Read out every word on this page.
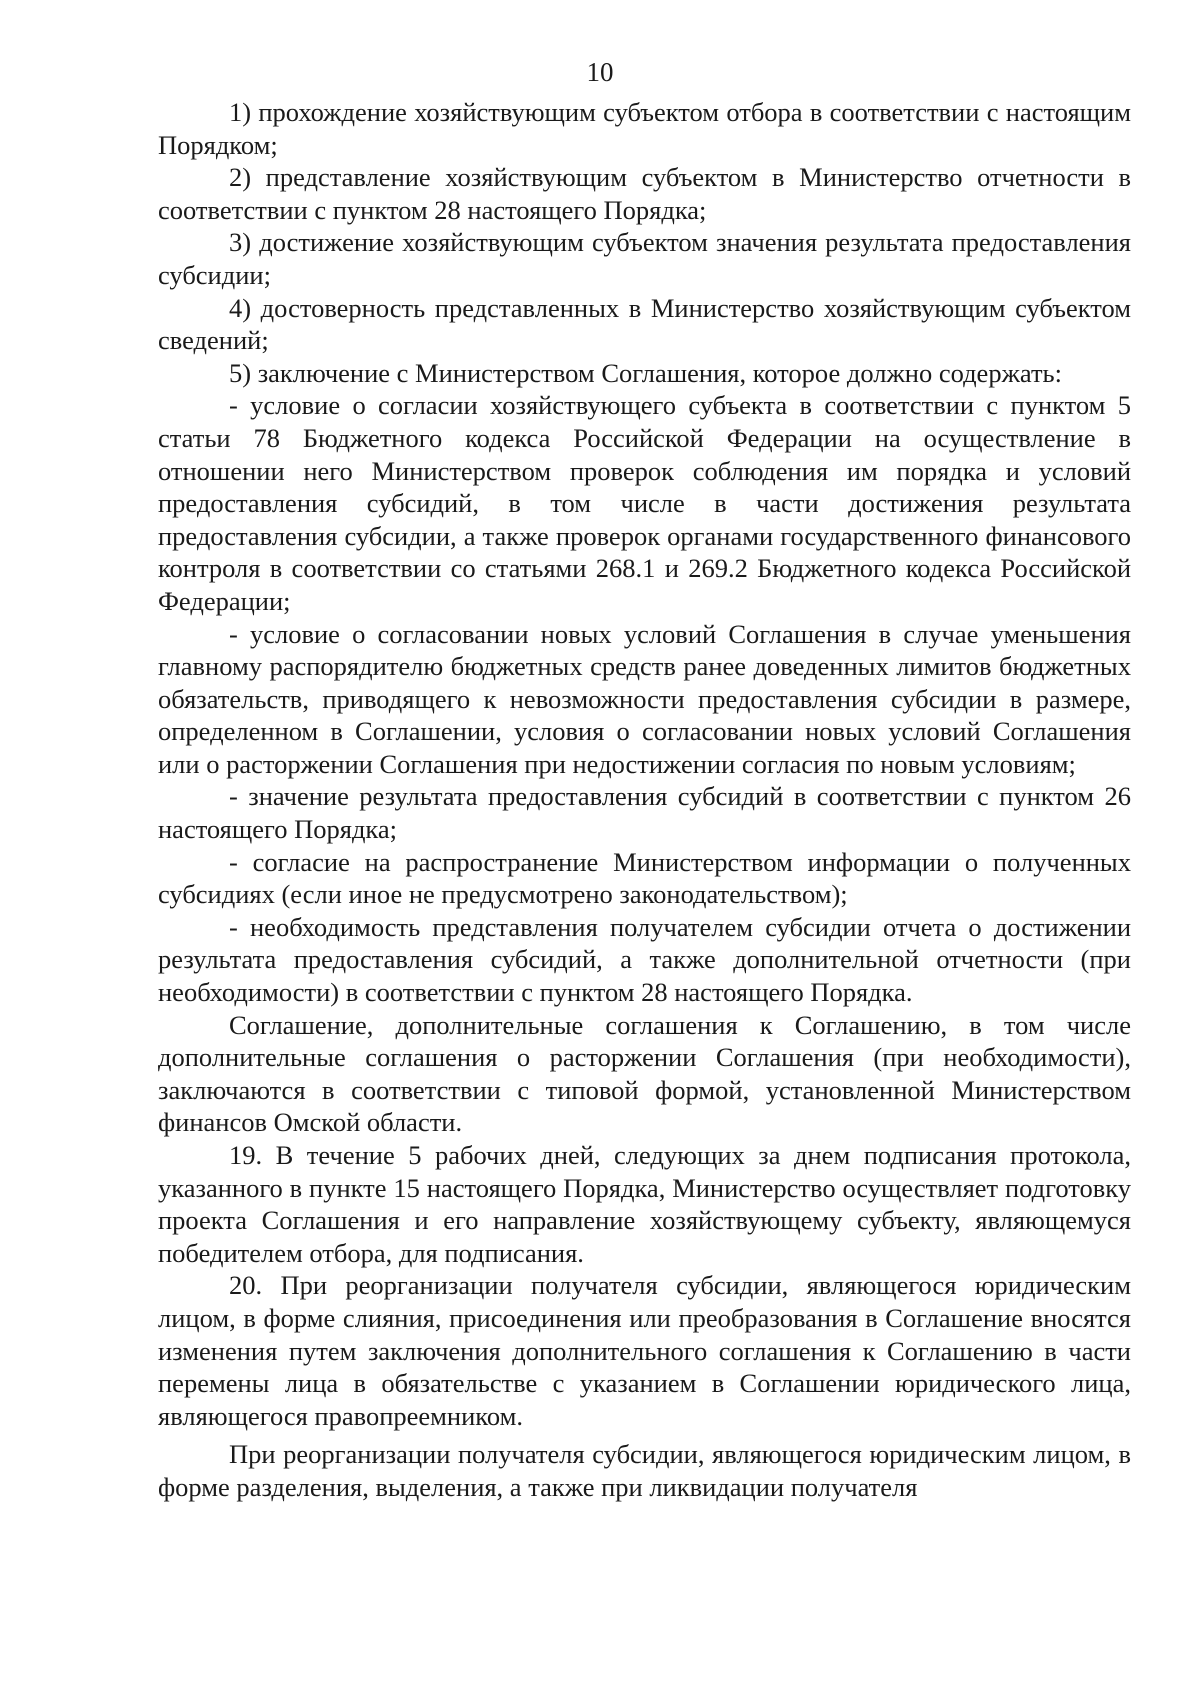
10

1) прохождение хозяйствующим субъектом отбора в соответствии с настоящим Порядком;

2) представление хозяйствующим субъектом в Министерство отчетности в соответствии с пунктом 28 настоящего Порядка;

3) достижение хозяйствующим субъектом значения результата предоставления субсидии;

4) достоверность представленных в Министерство хозяйствующим субъектом сведений;

5) заключение с Министерством Соглашения, которое должно содержать:

- условие о согласии хозяйствующего субъекта в соответствии с пунктом 5 статьи 78 Бюджетного кодекса Российской Федерации на осуществление в отношении него Министерством проверок соблюдения им порядка и условий предоставления субсидий, в том числе в части достижения результата предоставления субсидии, а также проверок органами государственного финансового контроля в соответствии со статьями 268.1 и 269.2 Бюджетного кодекса Российской Федерации;

- условие о согласовании новых условий Соглашения в случае уменьшения главному распорядителю бюджетных средств ранее доведенных лимитов бюджетных обязательств, приводящего к невозможности предоставления субсидии в размере, определенном в Соглашении, условия о согласовании новых условий Соглашения или о расторжении Соглашения при недостижении согласия по новым условиям;

- значение результата предоставления субсидий в соответствии с пунктом 26 настоящего Порядка;

- согласие на распространение Министерством информации о полученных субсидиях (если иное не предусмотрено законодательством);

- необходимость представления получателем субсидии отчета о достижении результата предоставления субсидий, а также дополнительной отчетности (при необходимости) в соответствии с пунктом 28 настоящего Порядка.

Соглашение, дополнительные соглашения к Соглашению, в том числе дополнительные соглашения о расторжении Соглашения (при необходимости), заключаются в соответствии с типовой формой, установленной Министерством финансов Омской области.

19. В течение 5 рабочих дней, следующих за днем подписания протокола, указанного в пункте 15 настоящего Порядка, Министерство осуществляет подготовку проекта Соглашения и его направление хозяйствующему субъекту, являющемуся победителем отбора, для подписания.

20. При реорганизации получателя субсидии, являющегося юридическим лицом, в форме слияния, присоединения или преобразования в Соглашение вносятся изменения путем заключения дополнительного соглашения к Соглашению в части перемены лица в обязательстве с указанием в Соглашении юридического лица, являющегося правопреемником.

При реорганизации получателя субсидии, являющегося юридическим лицом, в форме разделения, выделения, а также при ликвидации получателя
